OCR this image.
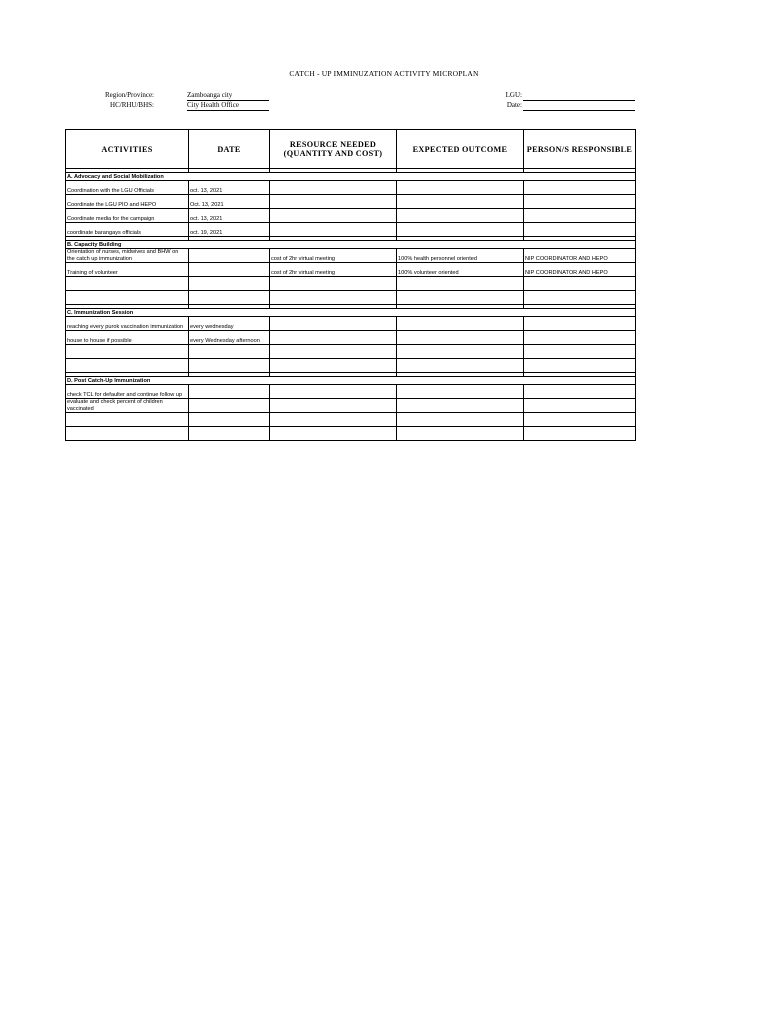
CATCH - UP IMMINUZATION ACTIVITY MICROPLAN
Region/Province:	Zamboanga city
HC/RHU/BHS:	City Health Office
LGU:
Date:
ACTIVITIES	DATE	RESOURCE NEEDED (QUANTITY AND COST)	EXPECTED OUTCOME	PERSON/S RESPONSIBLE

A. Advocacy and Social Mobilization				
Coordination with the LGU Officials	oct. 13, 2021			
Coordinate the LGU PIO and HEPO	Oct. 13, 2021			
Coordinate media for the campaign	oct. 13, 2021			
coordinate barangays officials	oct. 19, 2021			

B. Capacity Building				
Orientation of nurses, midwives and BHW on the catch up immunization		cost of 2hr virtual meeting	100% health personnel oriented	NIP COORDINATOR AND HEPO
Training of volunteer		cost of 2hr virtual meeting	100% volunteer oriented	NIP COORDINATOR AND HEPO

C. Immunization Session				
reaching every purok vaccination immunization	every wednesday			
house to house if possible	every Wednesday afternoon			

D. Post Catch-Up Immunization				
check TCL for defaulter and continue follow up				
evaluate and check percent of children vaccinated				
